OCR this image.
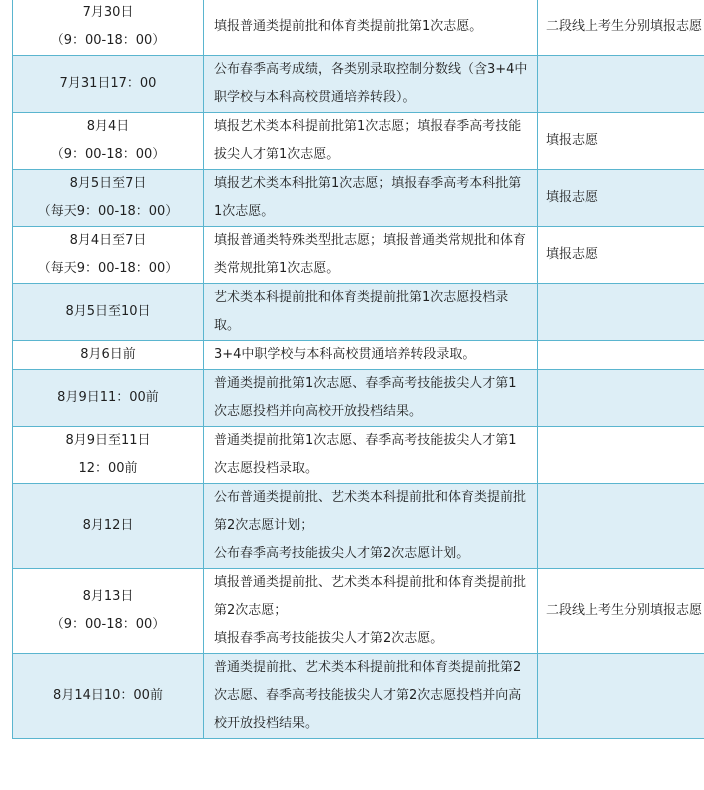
7月30日
（9：00-18：00）	填报普通类提前批和体育类提前批第1次志愿。	二段线上考生分别填报志愿

7月31日17：00	公布春季高考成绩，各类别录取控制分数线（含3+4中职学校与本科高校贯通培养转段）。	

8月4日
（9：00-18：00）	填报艺术类本科提前批第1次志愿；填报春季高考技能拔尖人才第1次志愿。	填报志愿

8月5日至7日
（每天9：00-18：00）	填报艺术类本科批第1次志愿；填报春季高考本科批第1次志愿。	填报志愿

8月4日至7日
（每天9：00-18：00）	填报普通类特殊类型批志愿；填报普通类常规批和体育类常规批第1次志愿。	填报志愿

8月5日至10日	艺术类本科提前批和体育类提前批第1次志愿投档录取。	

8月6日前	3+4中职学校与本科高校贯通培养转段录取。	

8月9日11：00前	普通类提前批第1次志愿、春季高考技能拔尖人才第1次志愿投档并向高校开放投档结果。	

8月9日至11日
12：00前	普通类提前批第1次志愿、春季高考技能拔尖人才第1次志愿投档录取。	

8月12日	公布普通类提前批、艺术类本科提前批和体育类提前批第2次志愿计划；
公布春季高考技能拔尖人才第2次志愿计划。	

8月13日
（9：00-18：00）	填报普通类提前批、艺术类本科提前批和体育类提前批第2次志愿；
填报春季高考技能拔尖人才第2次志愿。	二段线上考生分别填报志愿

8月14日10：00前	普通类提前批、艺术类本科提前批和体育类提前批第2次志愿、春季高考技能拔尖人才第2次志愿投档并向高校开放投档结果。	
